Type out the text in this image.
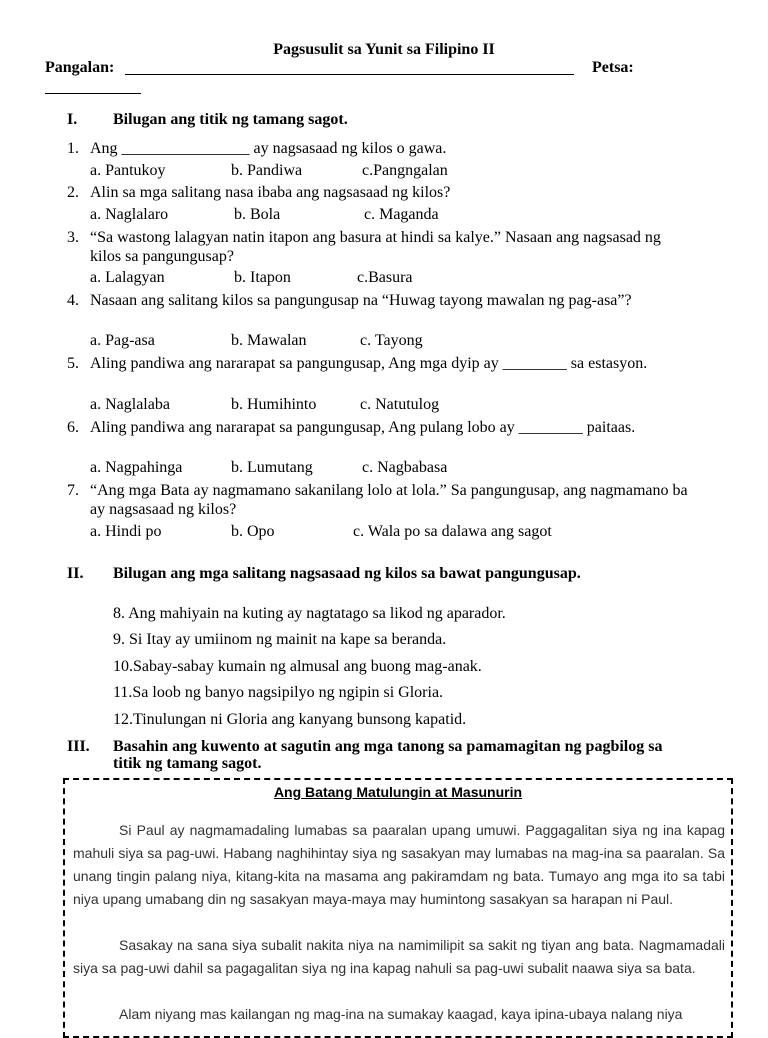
Pagsusulit sa Yunit sa Filipino II
Pangalan:	Petsa:
I. Bilugan ang titik ng tamang sagot.
1. Ang ________________ ay nagsasaad ng kilos o gawa.
a. Pantukoy	b. Pandiwa	c.Pangngalan
2. Alin sa mga salitang nasa ibaba ang nagsasaad ng kilos?
a. Naglalaro	b. Bola	c. Maganda
3. “Sa wastong lalagyan natin itapon ang basura at hindi sa kalye.” Nasaan ang nagsasad ng kilos sa pangungusap?
a. Lalagyan	b. Itapon	c.Basura
4. Nasaan ang salitang kilos sa pangungusap na “Huwag tayong mawalan ng pag-asa”?
a. Pag-asa	b. Mawalan	c. Tayong
5. Aling pandiwa ang nararapat sa pangungusap, Ang mga dyip ay ________ sa estasyon.
a. Naglalaba	b. Humihinto	c. Natutulog
6. Aling pandiwa ang nararapat sa pangungusap, Ang pulang lobo ay ________ paitaas.
a. Nagpahinga	b. Lumutang	c. Nagbabasa
7. “Ang mga Bata ay nagmamano sakanilang lolo at lola.” Sa pangungusap, ang nagmamano ba ay nagsasaad ng kilos?
a. Hindi po	b. Opo	c. Wala po sa dalawa ang sagot
II. Bilugan ang mga salitang nagsasaad ng kilos sa bawat pangungusap.
8. Ang mahiyain na kuting ay nagtatago sa likod ng aparador.
9. Si Itay ay umiinom ng mainit na kape sa beranda.
10.Sabay-sabay kumain ng almusal ang buong mag-anak.
11.Sa loob ng banyo nagsipilyo ng ngipin si Gloria.
12.Tinulungan ni Gloria ang kanyang bunsong kapatid.
III. Basahin ang kuwento at sagutin ang mga tanong sa pamamagitan ng pagbilog sa
titik ng tamang sagot.
Ang Batang Matulungin at Masunurin

Si Paul ay nagmamadaling lumabas sa paaralan upang umuwi. Paggagalitan siya ng ina kapag mahuli siya sa pag-uwi. Habang naghihintay siya ng sasakyan may lumabas na mag-ina sa paaralan. Sa unang tingin palang niya, kitang-kita na masama ang pakiramdam ng bata. Tumayo ang mga ito sa tabi niya upang umabang din ng sasakyan maya-maya may humintong sasakyan sa harapan ni Paul.

Sasakay na sana siya subalit nakita niya na namimilipit sa sakit ng tiyan ang bata. Nagmamadali siya sa pag-uwi dahil sa pagagalitan siya ng ina kapag nahuli sa pag-uwi subalit naawa siya sa bata.

Alam niyang mas kailangan ng mag-ina na sumakay kaagad, kaya ipina-ubaya nalang niya
